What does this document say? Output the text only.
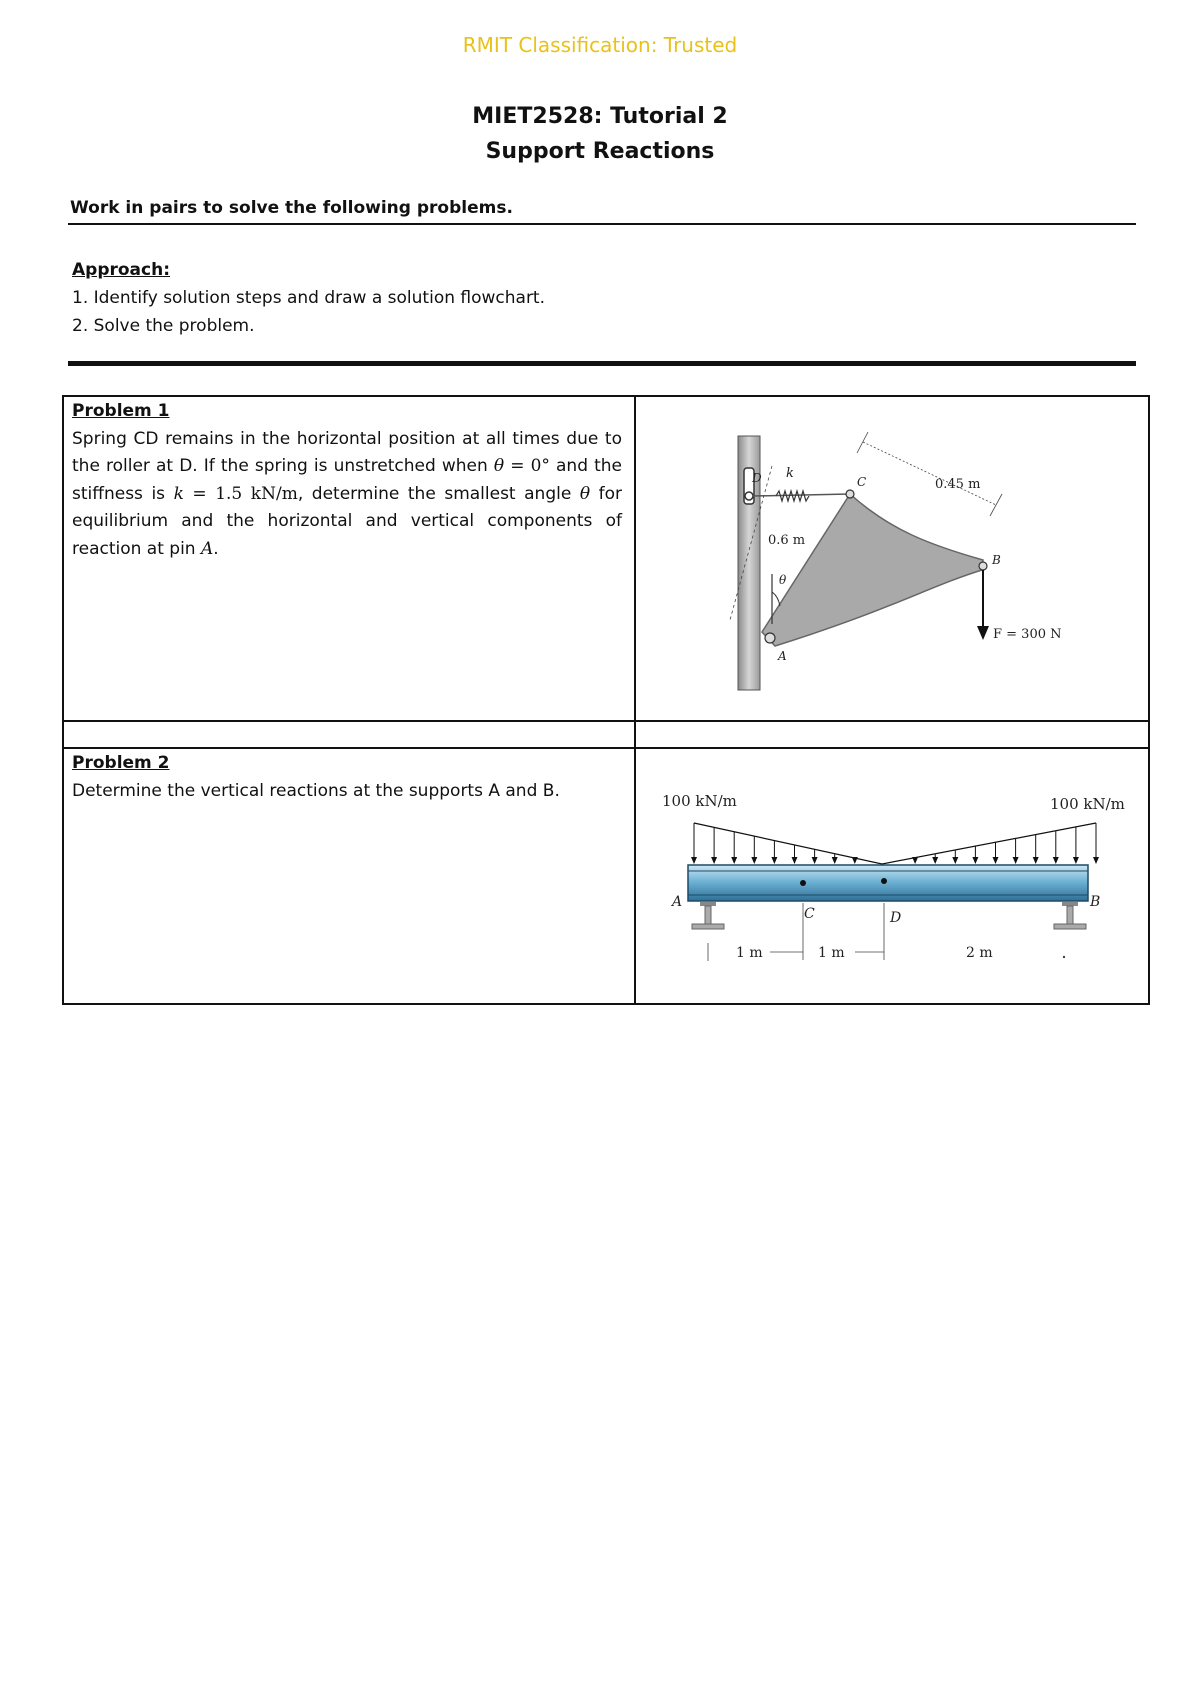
RMIT Classification: Trusted
MIET2528: Tutorial 2
Support Reactions
Work in pairs to solve the following problems.
Approach:
1. Identify solution steps and draw a solution flowchart.
2. Solve the problem.
Problem 1
Spring CD remains in the horizontal position at all times due to the roller at D. If the spring is unstretched when θ = 0° and the stiffness is k = 1.5 kN/m, determine the smallest angle θ for equilibrium and the horizontal and vertical components of reaction at pin A.
D k
C	0.45 m
0.6 m
θ
B
A
F = 300 N
Problem 2
Determine the vertical reactions at the supports A and B.
100 kN/m	100 kN/m
A	B
C	D
1 m	1 m	2 m
